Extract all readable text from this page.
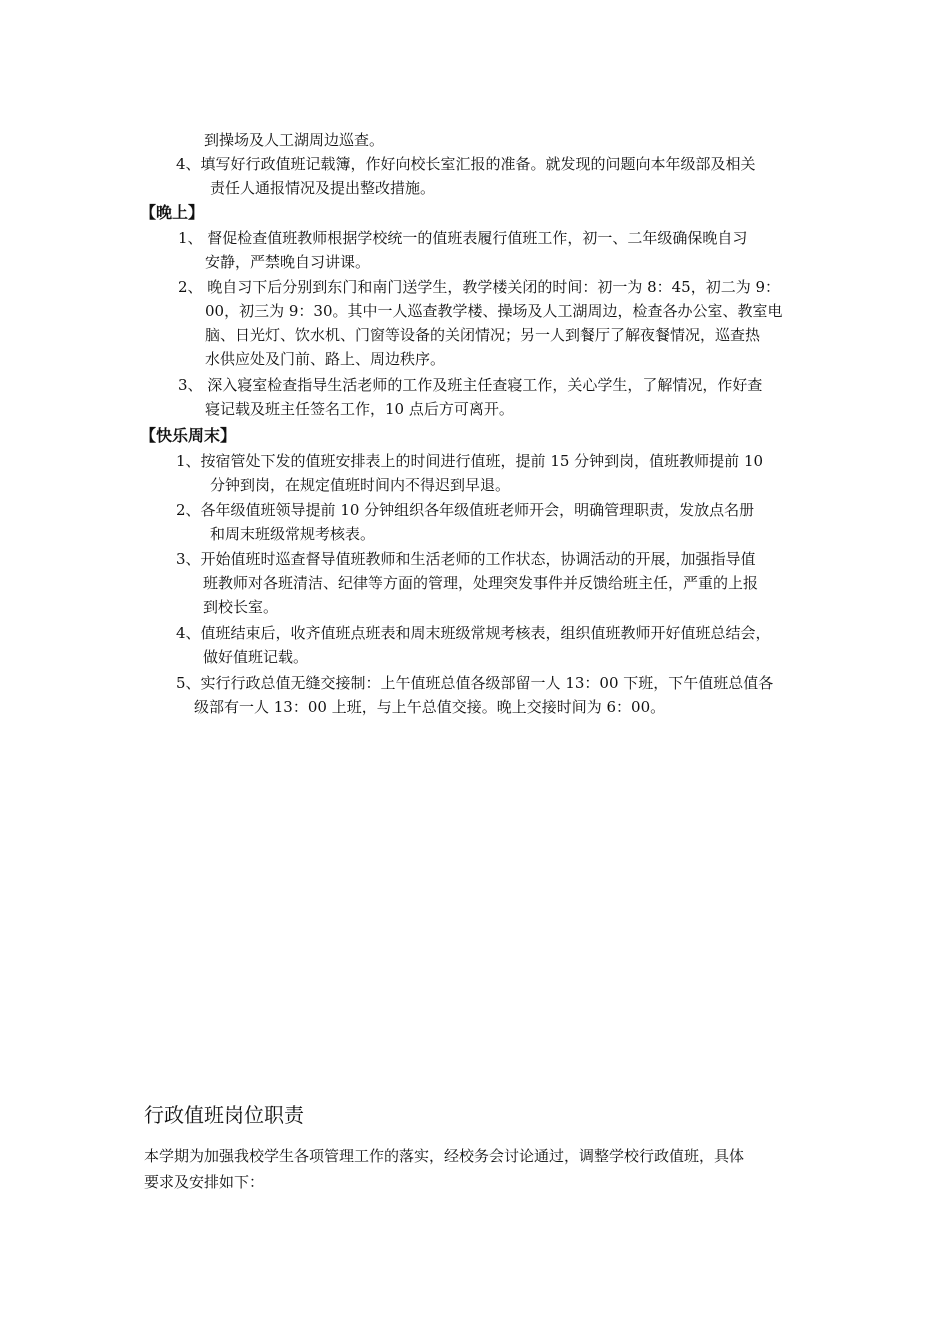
到操场及人工湖周边巡查。
4、填写好行政值班记载簿，作好向校长室汇报的准备。就发现的问题向本年级部及相关
责任人通报情况及提出整改措施。
【晚上】
1、 督促检查值班教师根据学校统一的值班表履行值班工作，初一、二年级确保晚自习
安静，严禁晚自习讲课。
2、 晚自习下后分别到东门和南门送学生，教学楼关闭的时间：初一为 8：45，初二为 9：
00，初三为 9：30。其中一人巡查教学楼、操场及人工湖周边，检查各办公室、教室电
脑、日光灯、饮水机、门窗等设备的关闭情况；另一人到餐厅了解夜餐情况，巡查热
水供应处及门前、路上、周边秩序。
3、 深入寝室检查指导生活老师的工作及班主任查寝工作，关心学生，了解情况，作好查
寝记载及班主任签名工作，10 点后方可离开。
【快乐周末】
1、按宿管处下发的值班安排表上的时间进行值班，提前 15 分钟到岗，值班教师提前 10
分钟到岗，在规定值班时间内不得迟到早退。
2、各年级值班领导提前 10 分钟组织各年级值班老师开会，明确管理职责，发放点名册
和周末班级常规考核表。
3、开始值班时巡查督导值班教师和生活老师的工作状态，协调活动的开展，加强指导值
班教师对各班清洁、纪律等方面的管理，处理突发事件并反馈给班主任，严重的上报
到校长室。
4、值班结束后，收齐值班点班表和周末班级常规考核表，组织值班教师开好值班总结会，
做好值班记载。
5、实行行政总值无缝交接制：上午值班总值各级部留一人 13：00 下班，下午值班总值各
级部有一人 13：00 上班，与上午总值交接。晚上交接时间为 6：00。
行政值班岗位职责
本学期为加强我校学生各项管理工作的落实，经校务会讨论通过，调整学校行政值班，具体
要求及安排如下：
